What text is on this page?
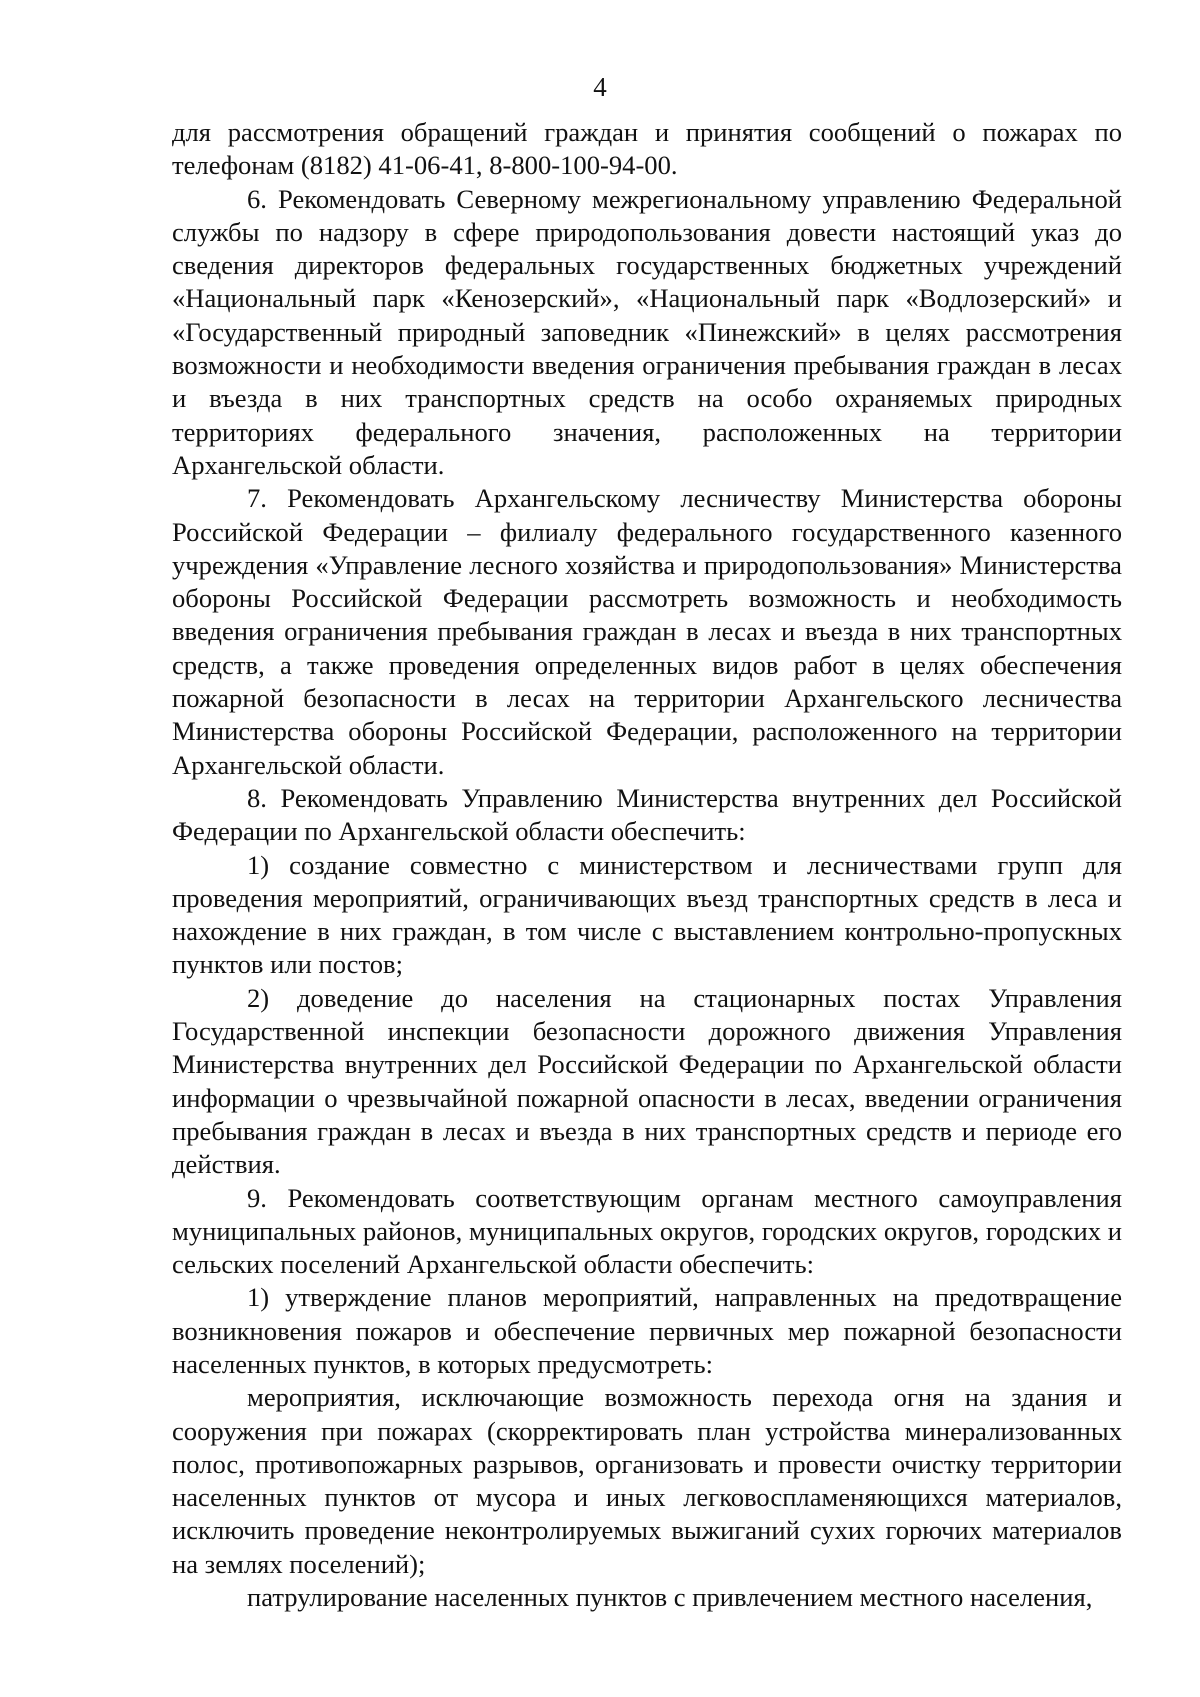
4

для рассмотрения обращений граждан и принятия сообщений о пожарах по телефонам (8182) 41-06-41, 8-800-100-94-00.

6. Рекомендовать Северному межрегиональному управлению Федеральной службы по надзору в сфере природопользования довести настоящий указ до сведения директоров федеральных государственных бюджетных учреждений «Национальный парк «Кенозерский», «Национальный парк «Водлозерский» и «Государственный природный заповедник «Пинежский» в целях рассмотрения возможности и необходимости введения ограничения пребывания граждан в лесах и въезда в них транспортных средств на особо охраняемых природных территориях федерального значения, расположенных на территории Архангельской области.

7. Рекомендовать Архангельскому лесничеству Министерства обороны Российской Федерации – филиалу федерального государственного казенного учреждения «Управление лесного хозяйства и природопользования» Министерства обороны Российской Федерации рассмотреть возможность и необходимость введения ограничения пребывания граждан в лесах и въезда в них транспортных средств, а также проведения определенных видов работ в целях обеспечения пожарной безопасности в лесах на территории Архангельского лесничества Министерства обороны Российской Федерации, расположенного на территории Архангельской области.

8. Рекомендовать Управлению Министерства внутренних дел Российской Федерации по Архангельской области обеспечить:

1) создание совместно с министерством и лесничествами групп для проведения мероприятий, ограничивающих въезд транспортных средств в леса и нахождение в них граждан, в том числе с выставлением контрольно-пропускных пунктов или постов;

2) доведение до населения на стационарных постах Управления Государственной инспекции безопасности дорожного движения Управления Министерства внутренних дел Российской Федерации по Архангельской области информации о чрезвычайной пожарной опасности в лесах, введении ограничения пребывания граждан в лесах и въезда в них транспортных средств и периоде его действия.

9. Рекомендовать соответствующим органам местного самоуправления муниципальных районов, муниципальных округов, городских округов, городских и сельских поселений Архангельской области обеспечить:

1) утверждение планов мероприятий, направленных на предотвращение возникновения пожаров и обеспечение первичных мер пожарной безопасности населенных пунктов, в которых предусмотреть:

мероприятия, исключающие возможность перехода огня на здания и сооружения при пожарах (скорректировать план устройства минерализованных полос, противопожарных разрывов, организовать и провести очистку территории населенных пунктов от мусора и иных легковоспламеняющихся материалов, исключить проведение неконтролируемых выжиганий сухих горючих материалов на землях поселений);

патрулирование населенных пунктов с привлечением местного населения,
